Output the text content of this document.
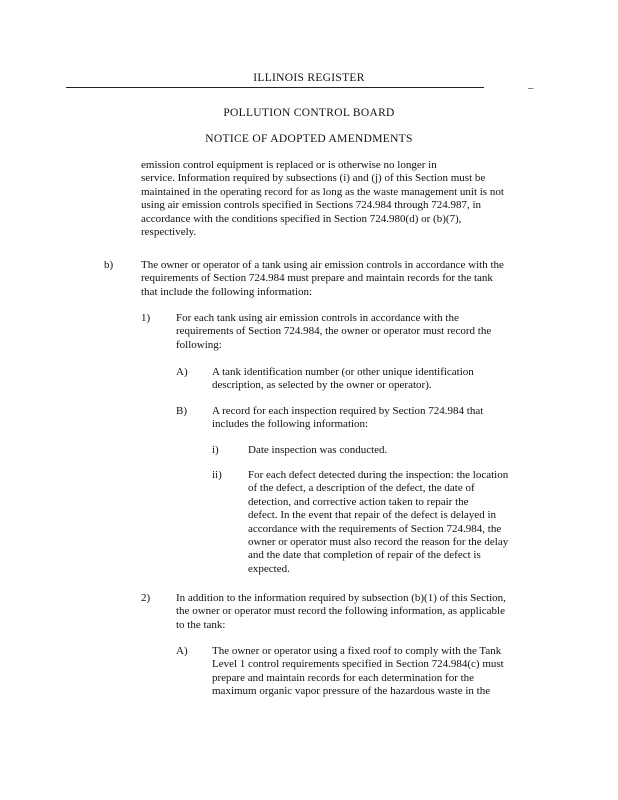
ILLINOIS REGISTER	_
POLLUTION CONTROL BOARD
NOTICE OF ADOPTED AMENDMENTS
emission control equipment is replaced or is otherwise no longer in
service. Information required by subsections (i) and (j) of this Section must be
maintained in the operating record for as long as the waste management unit is not
using air emission controls specified in Sections 724.984 through 724.987, in
accordance with the conditions specified in Section 724.980(d) or (b)(7),
respectively.
b)	The owner or operator of a tank using air emission controls in accordance with the
requirements of Section 724.984 must prepare and maintain records for the tank
that include the following information:
1) For each tank using air emission controls in accordance with the
requirements of Section 724.984, the owner or operator must record the
following:
A) A tank identification number (or other unique identification
description, as selected by the owner or operator).
B) A record for each inspection required by Section 724.984 that
includes the following information:
i)	Date inspection was conducted.
ii) For each defect detected during the inspection: the location
of the defect, a description of the defect, the date of
detection, and corrective action taken to repair the
defect. In the event that repair of the defect is delayed in
accordance with the requirements of Section 724.984, the
owner or operator must also record the reason for the delay
and the date that completion of repair of the defect is
expected.
2) In addition to the information required by subsection (b)(1) of this Section,
the owner or operator must record the following information, as applicable
to the tank:
A) The owner or operator using a fixed roof to comply with the Tank
Level 1 control requirements specified in Section 724.984(c) must
prepare and maintain records for each determination for the
maximum organic vapor pressure of the hazardous waste in the
